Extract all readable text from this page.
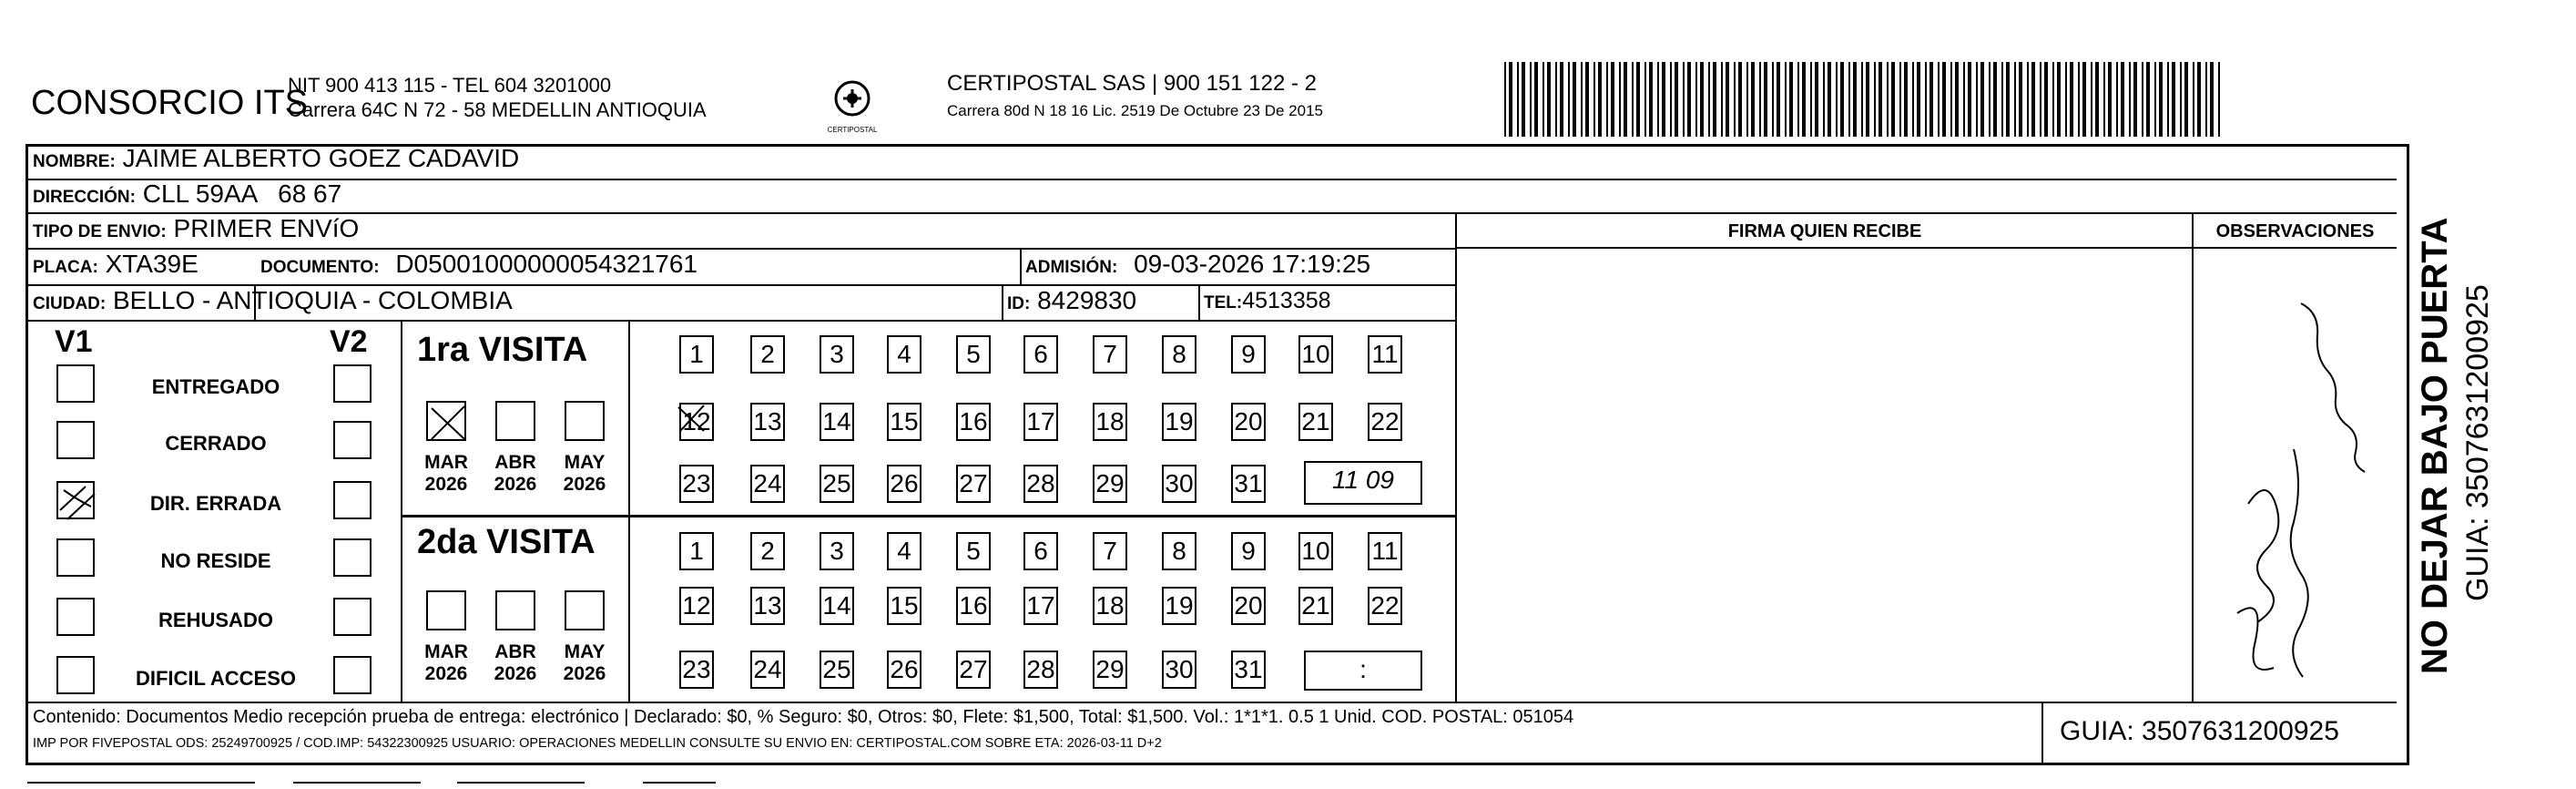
CONSORCIO ITS
NIT 900 413 115 - TEL 604 3201000
Carrera 64C N 72 - 58 MEDELLIN ANTIOQUIA
CERTIPOSTAL
CERTIPOSTAL SAS | 900 151 122 - 2
Carrera 80d N 18 16 Lic. 2519 De Octubre 23 De 2015
NOMBRE: JAIME ALBERTO GOEZ CADAVID
DIRECCIÓN: CLL 59AA   68 67
TIPO DE ENVIO: PRIMER ENVíO
PLACA: XTA39E	DOCUMENTO: D05001000000054321761	ADMISIÓN: 09-03-2026 17:19:25
CIUDAD: BELLO - ANTIOQUIA - COLOMBIA	ID: 8429830	TEL:4513358
FIRMA QUIEN RECIBE	OBSERVACIONES
V1	V2
ENTREGADO
CERRADO
DIR. ERRADA
NO RESIDE
REHUSADO
DIFICIL ACCESO
1ra VISITA
2da VISITA
1	2	3	4	5	6	7	8	9	10 11
12 13 14 15 16 17 18 19 20 21 22
23 24 25 26 27 28 29 30 31	11 09
MAR
2026
ABR
2026
MAY
2026
1	2	3	4	5	6	7	8	9	10 11
12 13 14 15 16 17 18 19 20 21 22
23 24 25 26 27 28 29 30 31	:
MAR
2026
ABR
2026
MAY
2026
Contenido: Documentos Medio recepción prueba de entrega: electrónico | Declarado: $0, % Seguro: $0, Otros: $0, Flete: $1,500, Total: $1,500. Vol.: 1*1*1. 0.5 1 Unid. COD. POSTAL: 051054
IMP POR FIVEPOSTAL ODS: 25249700925 / COD.IMP: 54322300925 USUARIO: OPERACIONES MEDELLIN CONSULTE SU ENVIO EN: CERTIPOSTAL.COM SOBRE ETA: 2026-03-11 D+2	GUIA: 3507631200925
NO DEJAR BAJO PUERTA GUIA: 3507631200925
